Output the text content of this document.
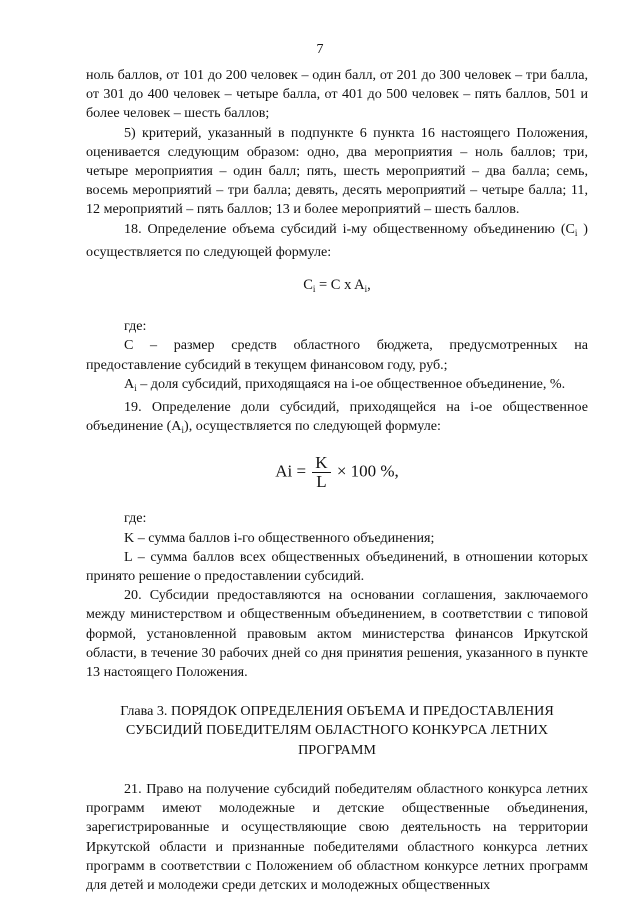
7

ноль баллов, от 101 до 200 человек – один балл, от 201 до 300 человек – три балла, от 301 до 400 человек – четыре балла, от 401 до 500 человек – пять баллов, 501 и более человек – шесть баллов;

5) критерий, указанный в подпункте 6 пункта 16 настоящего Положения, оценивается следующим образом: одно, два мероприятия – ноль баллов; три, четыре мероприятия – один балл; пять, шесть мероприятий – два балла; семь, восемь мероприятий – три балла; девять, десять мероприятий – четыре балла; 11, 12 мероприятий – пять баллов; 13 и более мероприятий – шесть баллов.

18. Определение объема субсидий i-му общественному объединению ($C_i$ ) осуществляется по следующей формуле:

$C_i = C$ x $A_i$,

где:

C – размер средств областного бюджета, предусмотренных на предоставление субсидий в текущем финансовом году, руб.;

$A_i$ – доля субсидий, приходящаяся на i-ое общественное объединение, %.

19. Определение доли субсидий, приходящейся на i-ое общественное объединение $(A_i)$, осуществляется по следующей формуле:

$Ai = \frac{K}{L} \times 100$ %,

где:

K – сумма баллов i-го общественного объединения;

L – сумма баллов всех общественных объединений, в отношении которых принято решение о предоставлении субсидий.

20. Субсидии предоставляются на основании соглашения, заключаемого между министерством и общественным объединением, в соответствии с типовой формой, установленной правовым актом министерства финансов Иркутской области, в течение 30 рабочих дней со дня принятия решения, указанного в пункте 13 настоящего Положения.

Глава 3. ПОРЯДОК ОПРЕДЕЛЕНИЯ ОБЪЕМА И ПРЕДОСТАВЛЕНИЯ
СУБСИДИЙ ПОБЕДИТЕЛЯМ ОБЛАСТНОГО КОНКУРСА ЛЕТНИХ
ПРОГРАММ

21. Право на получение субсидий победителям областного конкурса летних программ имеют молодежные и детские общественные объединения, зарегистрированные и осуществляющие свою деятельность на территории Иркутской области и признанные победителями областного конкурса летних программ в соответствии с Положением об областном конкурсе летних программ для детей и молодежи среди детских и молодежных общественных
